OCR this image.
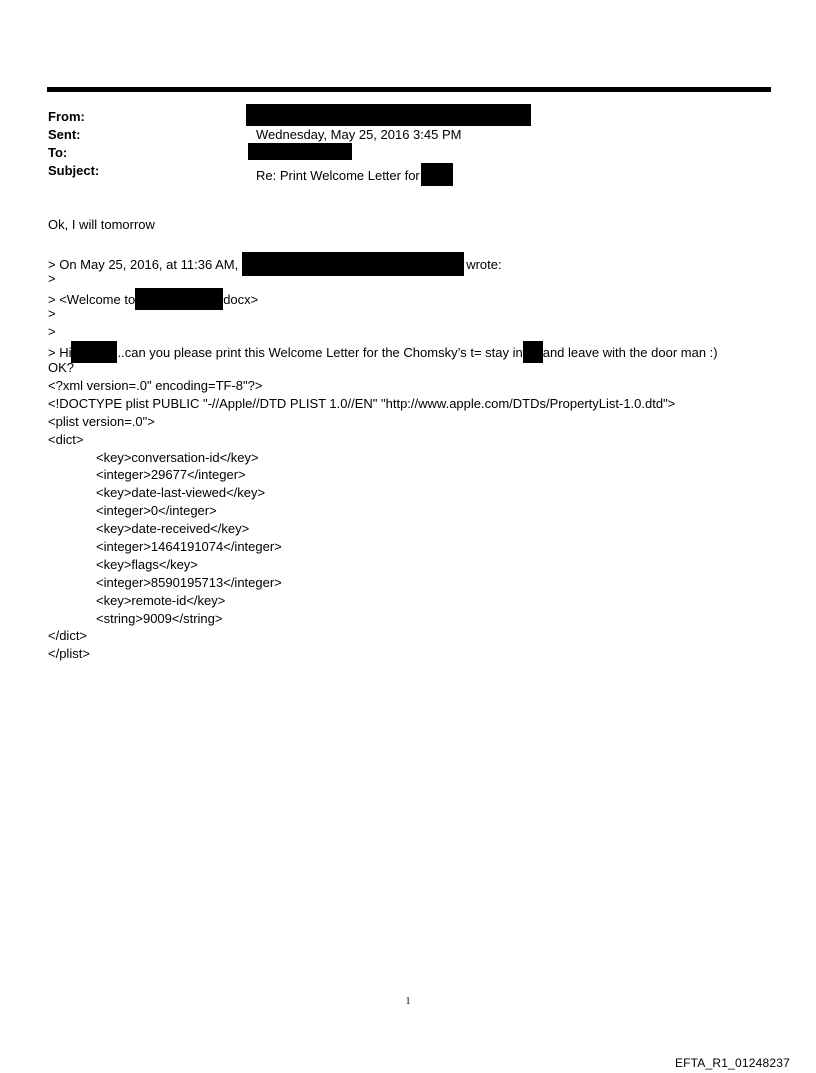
From:
Sent:	Wednesday, May 25, 2016 3:45 PM
To:
Subject:	Re: Print Welcome Letter for
Ok, I will tomorrow
> On May 25, 2016, at 11:36 AM,	wrote:
>
> <Welcome to	docx>
>
>
> Hi	..can you please print this Welcome Letter for the Chomsky’s t= stay in and leave with the door man :)
OK?
<?xml version=.0" encoding=TF-8"?>
<!DOCTYPE plist PUBLIC "-//Apple//DTD PLIST 1.0//EN" "http://www.apple.com/DTDs/PropertyList-1.0.dtd">
<plist version=.0">
<dict>
<key>conversation-id</key>
<integer>29677</integer>
<key>date-last-viewed</key>
<integer>0</integer>
<key>date-received</key>
<integer>1464191074</integer>
<key>flags</key>
<integer>8590195713</integer>
<key>remote-id</key>
<string>9009</string>
</dict>
</plist>
1
EFTA_R1_01248237
